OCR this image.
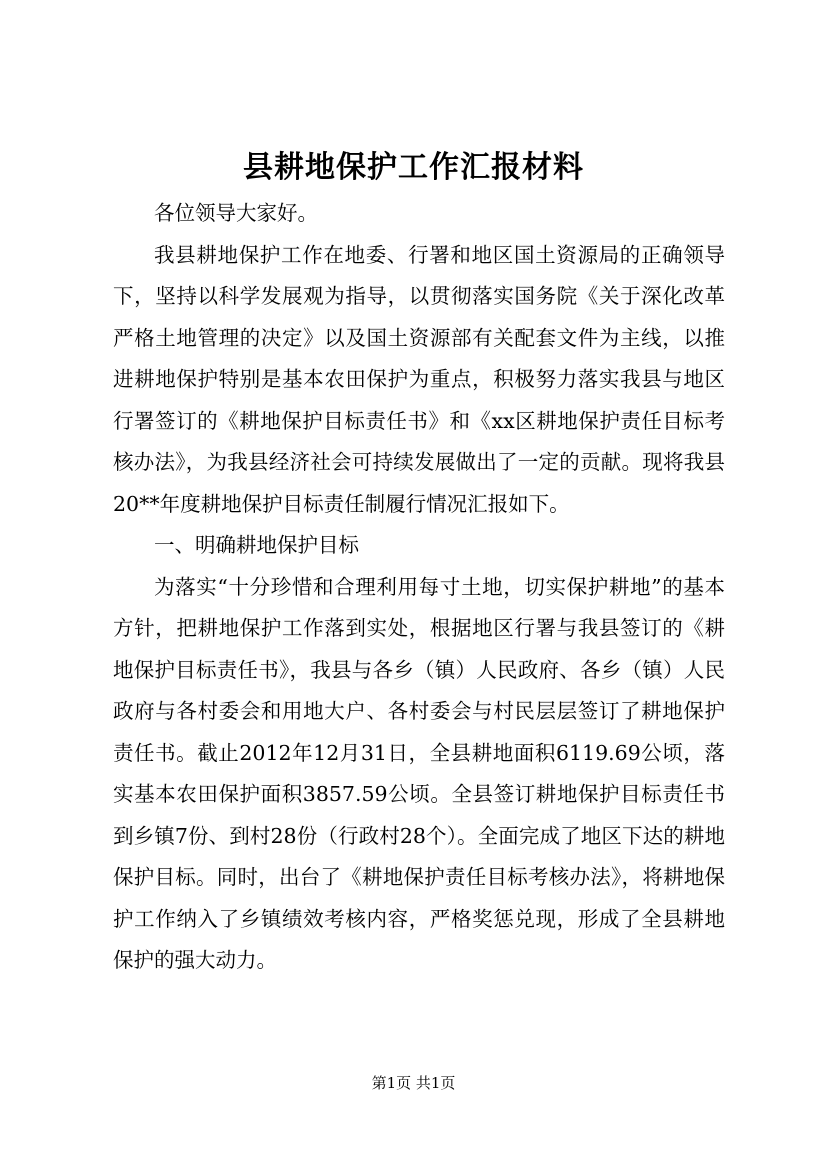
县耕地保护工作汇报材料

各位领导大家好。

我县耕地保护工作在地委、行署和地区国土资源局的正确领导下，坚持以科学发展观为指导，以贯彻落实国务院《关于深化改革严格土地管理的决定》以及国土资源部有关配套文件为主线，以推进耕地保护特别是基本农田保护为重点，积极努力落实我县与地区行署签订的《耕地保护目标责任书》和《xx区耕地保护责任目标考核办法》，为我县经济社会可持续发展做出了一定的贡献。现将我县20**年度耕地保护目标责任制履行情况汇报如下。

一、明确耕地保护目标

为落实“十分珍惜和合理利用每寸土地，切实保护耕地”的基本方针，把耕地保护工作落到实处，根据地区行署与我县签订的《耕地保护目标责任书》，我县与各乡（镇）人民政府、各乡（镇）人民政府与各村委会和用地大户、各村委会与村民层层签订了耕地保护责任书。截止2012年12月31日，全县耕地面积6119.69公顷，落实基本农田保护面积3857.59公顷。全县签订耕地保护目标责任书到乡镇7份、到村28份（行政村28个）。全面完成了地区下达的耕地保护目标。同时，出台了《耕地保护责任目标考核办法》，将耕地保护工作纳入了乡镇绩效考核内容，严格奖惩兑现，形成了全县耕地保护的强大动力。

第1页 共1页
